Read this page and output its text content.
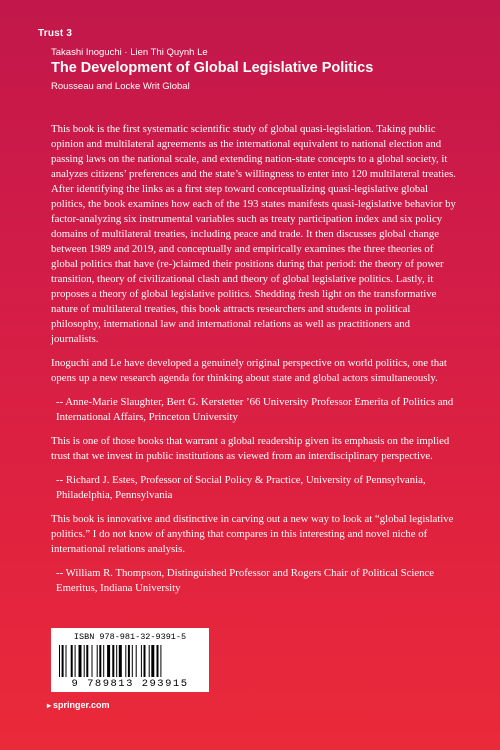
Trust 3
Takashi Inoguchi · Lien Thi Quynh Le
The Development of Global Legislative Politics
Rousseau and Locke Writ Global

This book is the first systematic scientific study of global quasi-legislation. Taking public opinion and multilateral agreements as the international equivalent to national election and passing laws on the national scale, and extending nation-state concepts to a global society, it analyzes citizens’ preferences and the state’s willingness to enter into 120 multilateral treaties. After identifying the links as a first step toward conceptualizing quasi-legislative global politics, the book examines how each of the 193 states manifests quasi-legislative behavior by factor-analyzing six instrumental variables such as treaty participation index and six policy domains of multilateral treaties, including peace and trade. It then discusses global change between 1989 and 2019, and conceptually and empirically examines the three theories of global politics that have (re-)claimed their positions during that period: the theory of power transition, theory of civilizational clash and theory of global legislative politics. Lastly, it proposes a theory of global legislative politics. Shedding fresh light on the transformative nature of multilateral treaties, this book attracts researchers and students in political philosophy, international law and international relations as well as practitioners and journalists.

Inoguchi and Le have developed a genuinely original perspective on world politics, one that opens up a new research agenda for thinking about state and global actors simultaneously.

-- Anne-Marie Slaughter, Bert G. Kerstetter ’66 University Professor Emerita of Politics and International Affairs, Princeton University

This is one of those books that warrant a global readership given its emphasis on the implied trust that we invest in public institutions as viewed from an interdisciplinary perspective.

-- Richard J. Estes, Professor of Social Policy & Practice, University of Pennsylvania, Philadelphia, Pennsylvania

This book is innovative and distinctive in carving out a new way to look at “global legislative politics.” I do not know of anything that compares in this interesting and novel niche of international relations analysis.

-- William R. Thompson, Distinguished Professor and Rogers Chair of Political Science Emeritus, Indiana University

ISBN 978-981-32-9391-5
9 789813 293915
▸ springer.com
